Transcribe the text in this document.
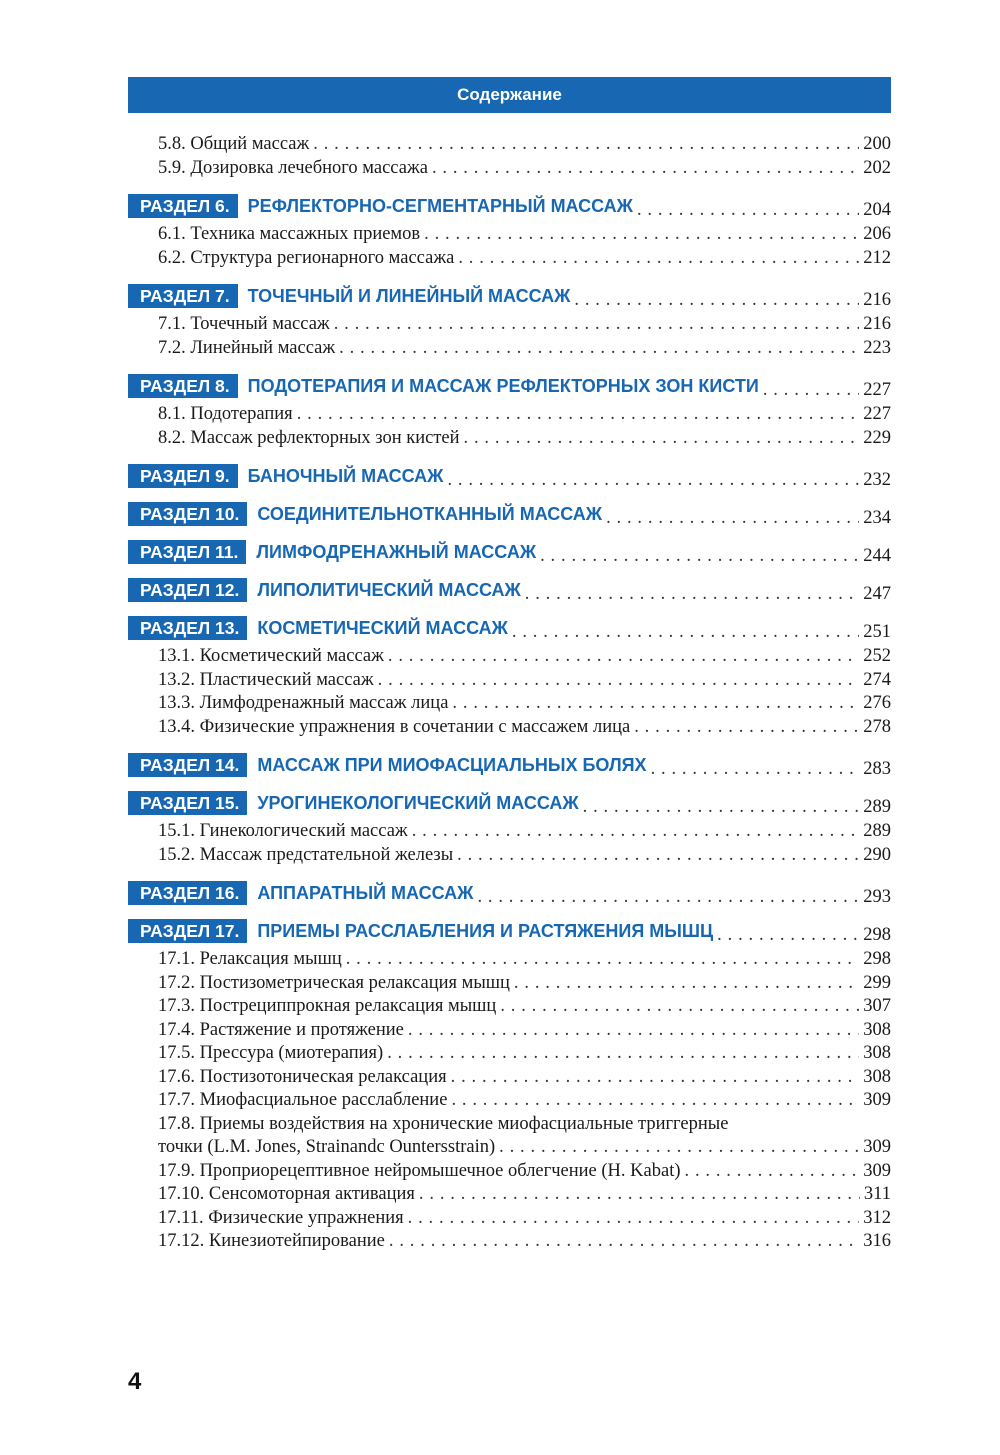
Содержание
5.8. Общий массаж . . .	200
5.9. Дозировка лечебного массажа . . .	202
РАЗДЕЛ 6.	РЕФЛЕКТОРНО-СЕГМЕНТАРНЫЙ МАССАЖ . . .	204
6.1. Техника массажных приемов . . .	206
6.2. Структура регионарного массажа . . .	212
РАЗДЕЛ 7.	ТОЧЕЧНЫЙ И ЛИНЕЙНЫЙ МАССАЖ . . .	216
7.1. Точечный массаж . . .	216
7.2. Линейный массаж . . .	223
РАЗДЕЛ 8.	ПОДОТЕРАПИЯ И МАССАЖ РЕФЛЕКТОРНЫХ ЗОН КИСТИ . . .	227
8.1. Подотерапия . . .	227
8.2. Массаж рефлекторных зон кистей . . .	229
РАЗДЕЛ 9.	БАНОЧНЫЙ МАССАЖ . . .	232
РАЗДЕЛ 10.	СОЕДИНИТЕЛЬНОТКАННЫЙ МАССАЖ . . .	234
РАЗДЕЛ 11.	ЛИМФОДРЕНАЖНЫЙ МАССАЖ . . .	244
РАЗДЕЛ 12.	ЛИПОЛИТИЧЕСКИЙ МАССАЖ . . .	247
РАЗДЕЛ 13.	КОСМЕТИЧЕСКИЙ МАССАЖ . . .	251
13.1. Косметический массаж . . .	252
13.2. Пластический массаж . . .	274
13.3. Лимфодренажный массаж лица . . .	276
13.4. Физические упражнения в сочетании с массажем лица . . .	278
РАЗДЕЛ 14.	МАССАЖ ПРИ МИОФАСЦИАЛЬНЫХ БОЛЯХ . . .	283
РАЗДЕЛ 15.	УРОГИНЕКОЛОГИЧЕСКИЙ МАССАЖ . . .	289
15.1. Гинекологический массаж . . .	289
15.2. Массаж предстательной железы . . .	290
РАЗДЕЛ 16.	АППАРАТНЫЙ МАССАЖ . . .	293
РАЗДЕЛ 17.	ПРИЕМЫ РАССЛАБЛЕНИЯ И РАСТЯЖЕНИЯ МЫШЦ . . .	298
17.1. Релаксация мышц . . .	298
17.2. Постизометрическая релаксация мышц . . .	299
17.3. Пострециппрокная релаксация мышц . . .	307
17.4. Растяжение и протяжение . . .	308
17.5. Прессура (миотерапия) . . .	308
17.6. Постизотоническая релаксация . . .	308
17.7. Миофасциальное расслабление . . .	309
17.8. Приемы воздействия на хронические миофасциальные триггерные
точки (L.M. Jones, Strainandc Ountersstrain) . . .	309
17.9. Проприорецептивное нейромышечное облегчение (H. Kabat) . . .	309
17.10. Сенсомоторная активация . . .	311
17.11. Физические упражнения . . .	312
17.12. Кинезиотейпирование . . .	316
4
